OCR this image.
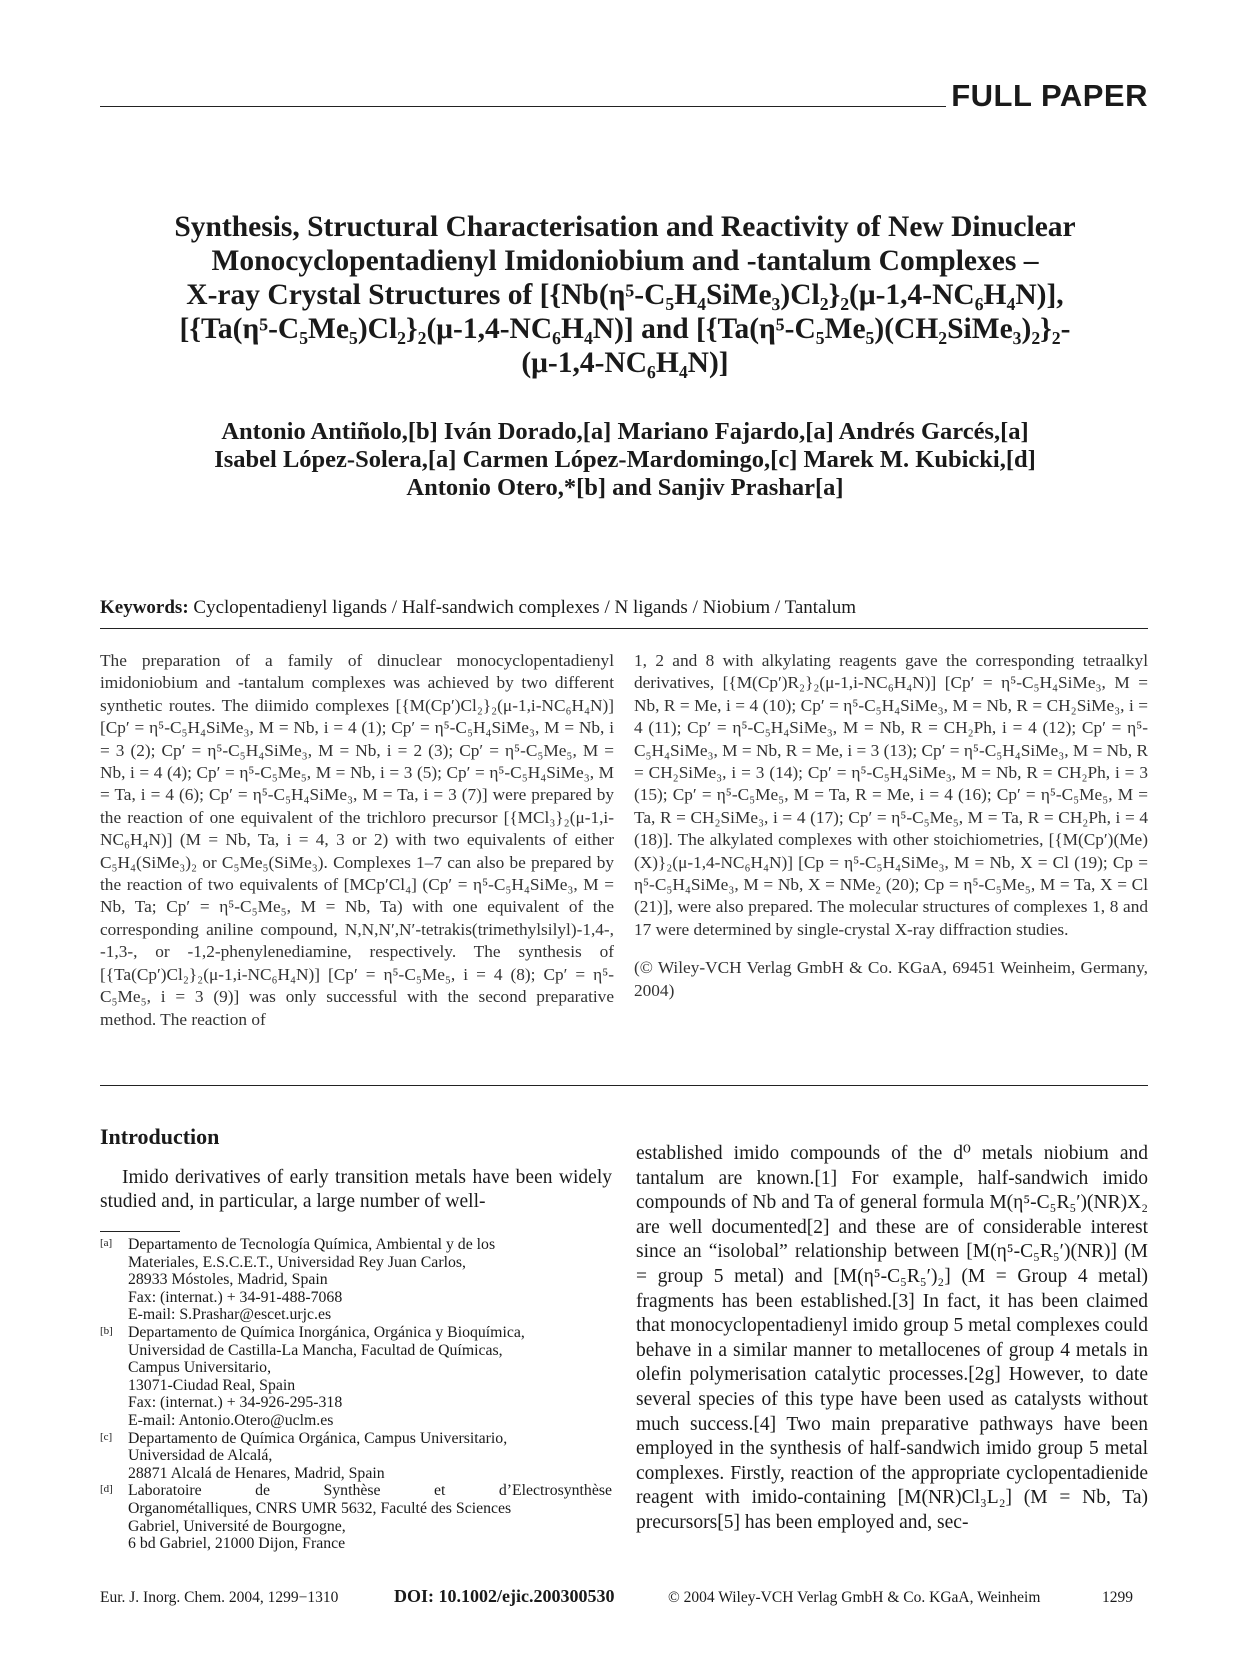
FULL PAPER
Synthesis, Structural Characterisation and Reactivity of New Dinuclear
Monocyclopentadienyl Imidoniobium and -tantalum Complexes –
X-ray Crystal Structures of [{Nb(η⁵-C₅H₄SiMe₃)Cl₂}₂(μ-1,4-NC₆H₄N)],
[{Ta(η⁵-C₅Me₅)Cl₂}₂(μ-1,4-NC₆H₄N)] and [{Ta(η⁵-C₅Me₅)(CH₂SiMe₃)₂}₂-
(μ-1,4-NC₆H₄N)]
Antonio Antiñolo,[b] Iván Dorado,[a] Mariano Fajardo,[a] Andrés Garcés,[a]
Isabel López-Solera,[a] Carmen López-Mardomingo,[c] Marek M. Kubicki,[d]
Antonio Otero,*[b] and Sanjiv Prashar[a]
Keywords: Cyclopentadienyl ligands / Half-sandwich complexes / N ligands / Niobium / Tantalum

The preparation of a family of dinuclear monocyclopentadienyl imidoniobium and -tantalum complexes was achieved by two different synthetic routes. The diimido complexes [{M(Cp′)Cl₂}₂(μ-1,i-NC₆H₄N)] [Cp′ = η⁵-C₅H₄SiMe₃, M = Nb, i = 4 (1); Cp′ = η⁵-C₅H₄SiMe₃, M = Nb, i = 3 (2); Cp′ = η⁵-C₅H₄SiMe₃, M = Nb, i = 2 (3); Cp′ = η⁵-C₅Me₅, M = Nb, i = 4 (4); Cp′ = η⁵-C₅Me₅, M = Nb, i = 3 (5); Cp′ = η⁵-C₅H₄SiMe₃, M = Ta, i = 4 (6); Cp′ = η⁵-C₅H₄SiMe₃, M = Ta, i = 3 (7)] were prepared by the reaction of one equivalent of the trichloro precursor [{MCl₃}₂(μ-1,i-NC₆H₄N)] (M = Nb, Ta, i = 4, 3 or 2) with two equivalents of either C₅H₄(SiMe₃)₂ or C₅Me₅(SiMe₃). Complexes 1–7 can also be prepared by the reaction of two equivalents of [MCp′Cl₄] (Cp′ = η⁵-C₅H₄SiMe₃, M = Nb, Ta; Cp′ = η⁵-C₅Me₅, M = Nb, Ta) with one equivalent of the corresponding aniline compound, N,N,N′,N′-tetrakis(trimethylsilyl)-1,4-, -1,3-, or -1,2-phenylenediamine, respectively. The synthesis of [{Ta(Cp′)Cl₂}₂(μ-1,i-NC₆H₄N)] [Cp′ = η⁵-C₅Me₅, i = 4 (8); Cp′ = η⁵-C₅Me₅, i = 3 (9)] was only successful with the second preparative method. The reaction of

1, 2 and 8 with alkylating reagents gave the corresponding tetraalkyl derivatives, [{M(Cp′)R₂}₂(μ-1,i-NC₆H₄N)] [Cp′ = η⁵-C₅H₄SiMe₃, M = Nb, R = Me, i = 4 (10); Cp′ = η⁵-C₅H₄SiMe₃, M = Nb, R = CH₂SiMe₃, i = 4 (11); Cp′ = η⁵-C₅H₄SiMe₃, M = Nb, R = CH₂Ph, i = 4 (12); Cp′ = η⁵-C₅H₄SiMe₃, M = Nb, R = Me, i = 3 (13); Cp′ = η⁵-C₅H₄SiMe₃, M = Nb, R = CH₂SiMe₃, i = 3 (14); Cp′ = η⁵-C₅H₄SiMe₃, M = Nb, R = CH₂Ph, i = 3 (15); Cp′ = η⁵-C₅Me₅, M = Ta, R = Me, i = 4 (16); Cp′ = η⁵-C₅Me₅, M = Ta, R = CH₂SiMe₃, i = 4 (17); Cp′ = η⁵-C₅Me₅, M = Ta, R = CH₂Ph, i = 4 (18)]. The alkylated complexes with other stoichiometries, [{M(Cp′)(Me)(X)}₂(μ-1,4-NC₆H₄N)] [Cp = η⁵-C₅H₄SiMe₃, M = Nb, X = Cl (19); Cp = η⁵-C₅H₄SiMe₃, M = Nb, X = NMe₂ (20); Cp = η⁵-C₅Me₅, M = Ta, X = Cl (21)], were also prepared. The molecular structures of complexes 1, 8 and 17 were determined by single-crystal X-ray diffraction studies.

(© Wiley-VCH Verlag GmbH & Co. KGaA, 69451 Weinheim, Germany, 2004)

Introduction

Imido derivatives of early transition metals have been widely studied and, in particular, a large number of well-

established imido compounds of the d⁰ metals niobium and tantalum are known.[1] For example, half-sandwich imido compounds of Nb and Ta of general formula M(η⁵-C₅R₅′)(NR)X₂ are well documented[2] and these are of considerable interest since an “isolobal” relationship between [M(η⁵-C₅R₅′)(NR)] (M = group 5 metal) and [M(η⁵-C₅R₅′)₂] (M = Group 4 metal) fragments has been established.[3] In fact, it has been claimed that monocyclopentadienyl imido group 5 metal complexes could behave in a similar manner to metallocenes of group 4 metals in olefin polymerisation catalytic processes.[2g] However, to date several species of this type have been used as catalysts without much success.[4] Two main preparative pathways have been employed in the synthesis of half-sandwich imido group 5 metal complexes. Firstly, reaction of the appropriate cyclopentadienide reagent with imido-containing [M(NR)Cl₃L₂] (M = Nb, Ta) precursors[5] has been employed and, sec-

[a] Departamento de Tecnología Química, Ambiental y de los
Materiales, E.S.C.E.T., Universidad Rey Juan Carlos,
28933 Móstoles, Madrid, Spain
Fax: (internat.) + 34-91-488-7068
E-mail: S.Prashar@escet.urjc.es
[b] Departamento de Química Inorgánica, Orgánica y Bioquímica,
Universidad de Castilla-La Mancha, Facultad de Químicas,
Campus Universitario,
13071-Ciudad Real, Spain
Fax: (internat.) + 34-926-295-318
E-mail: Antonio.Otero@uclm.es
[c] Departamento de Química Orgánica, Campus Universitario,
Universidad de Alcalá,
28871 Alcalá de Henares, Madrid, Spain
[d] Laboratoire de Synthèse et d’Electrosynthèse
Organométalliques, CNRS UMR 5632, Faculté des Sciences
Gabriel, Université de Bourgogne,
6 bd Gabriel, 21000 Dijon, France
Eur. J. Inorg. Chem. 2004, 1299−1310	DOI: 10.1002/ejic.200300530	© 2004 Wiley-VCH Verlag GmbH & Co. KGaA, Weinheim	1299
